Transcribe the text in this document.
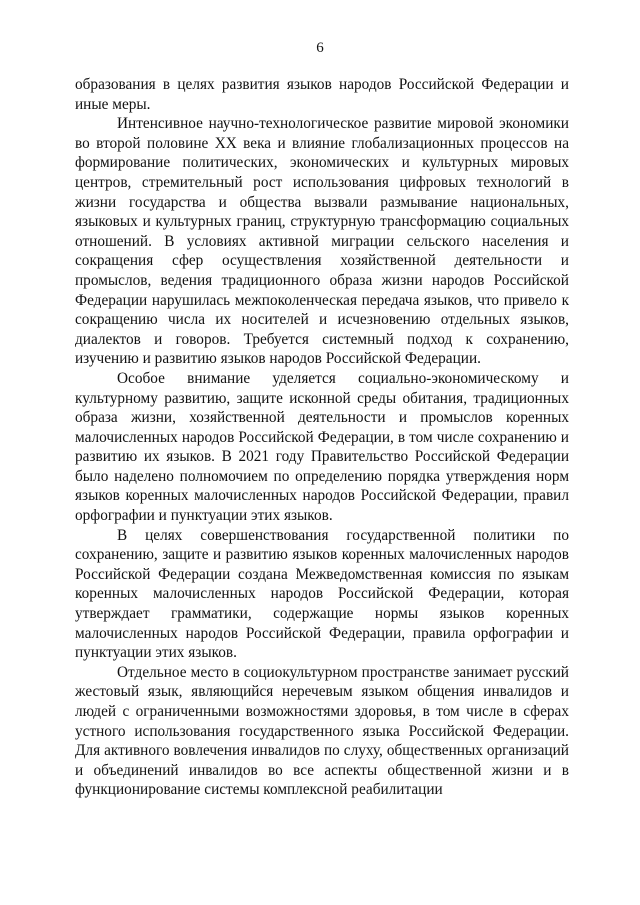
6

образования в целях развития языков народов Российской Федерации и иные меры.

Интенсивное научно-технологическое развитие мировой экономики во второй половине XX века и влияние глобализационных процессов на формирование политических, экономических и культурных мировых центров, стремительный рост использования цифровых технологий в жизни государства и общества вызвали размывание национальных, языковых и культурных границ, структурную трансформацию социальных отношений. В условиях активной миграции сельского населения и сокращения сфер осуществления хозяйственной деятельности и промыслов, ведения традиционного образа жизни народов Российской Федерации нарушилась межпоколенческая передача языков, что привело к сокращению числа их носителей и исчезновению отдельных языков, диалектов и говоров. Требуется системный подход к сохранению, изучению и развитию языков народов Российской Федерации.

Особое внимание уделяется социально-экономическому и культурному развитию, защите исконной среды обитания, традиционных образа жизни, хозяйственной деятельности и промыслов коренных малочисленных народов Российской Федерации, в том числе сохранению и развитию их языков. В 2021 году Правительство Российской Федерации было наделено полномочием по определению порядка утверждения норм языков коренных малочисленных народов Российской Федерации, правил орфографии и пунктуации этих языков.

В целях совершенствования государственной политики по сохранению, защите и развитию языков коренных малочисленных народов Российской Федерации создана Межведомственная комиссия по языкам коренных малочисленных народов Российской Федерации, которая утверждает грамматики, содержащие нормы языков коренных малочисленных народов Российской Федерации, правила орфографии и пунктуации этих языков.

Отдельное место в социокультурном пространстве занимает русский жестовый язык, являющийся неречевым языком общения инвалидов и людей с ограниченными возможностями здоровья, в том числе в сферах устного использования государственного языка Российской Федерации. Для активного вовлечения инвалидов по слуху, общественных организаций и объединений инвалидов во все аспекты общественной жизни и в функционирование системы комплексной реабилитации
